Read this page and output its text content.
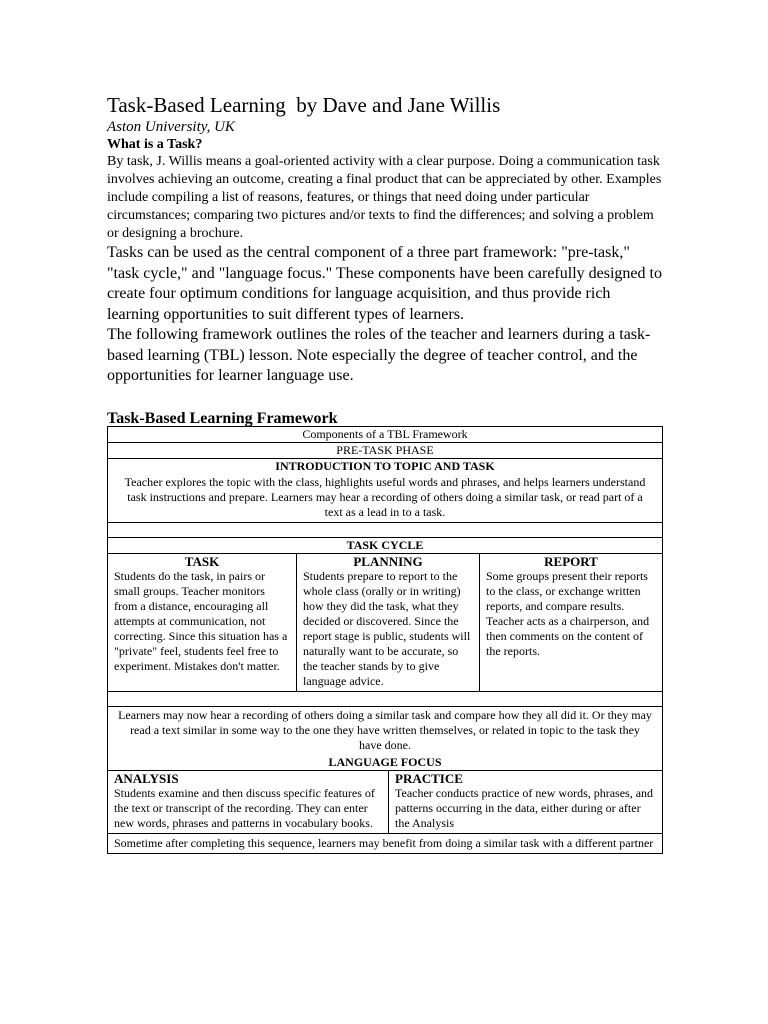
Task-Based Learning  by Dave and Jane Willis

Aston University, UK

What is a Task?

By task, J. Willis means a goal-oriented activity with a clear purpose. Doing a communication task involves achieving an outcome, creating a final product that can be appreciated by other. Examples include compiling a list of reasons, features, or things that need doing under particular circumstances; comparing two pictures and/or texts to find the differences; and solving a problem or designing a brochure.

Tasks can be used as the central component of a three part framework: "pre-task," "task cycle," and "language focus." These components have been carefully designed to create four optimum conditions for language acquisition, and thus provide rich learning opportunities to suit different types of learners.

The following framework outlines the roles of the teacher and learners during a task-based learning (TBL) lesson. Note especially the degree of teacher control, and the opportunities for learner language use.

Task-Based Learning Framework

Components of a TBL Framework
PRE-TASK PHASE
INTRODUCTION TO TOPIC AND TASK
Teacher explores the topic with the class, highlights useful words and phrases, and helps learners understand task instructions and prepare. Learners may hear a recording of others doing a similar task, or read part of a text as a lead in to a task.
TASK CYCLE
TASK
Students do the task, in pairs or small groups. Teacher monitors from a distance, encouraging all attempts at communication, not correcting. Since this situation has a "private" feel, students feel free to experiment. Mistakes don't matter.
PLANNING
Students prepare to report to the whole class (orally or in writing) how they did the task, what they decided or discovered. Since the report stage is public, students will naturally want to be accurate, so the teacher stands by to give language advice.
REPORT
Some groups present their reports to the class, or exchange written reports, and compare results. Teacher acts as a chairperson, and then comments on the content of the reports.
Learners may now hear a recording of others doing a similar task and compare how they all did it. Or they may read a text similar in some way to the one they have written themselves, or related in topic to the task they have done.
LANGUAGE FOCUS
ANALYSIS
Students examine and then discuss specific features of the text or transcript of the recording. They can enter new words, phrases and patterns in vocabulary books.
PRACTICE
Teacher conducts practice of new words, phrases, and patterns occurring in the data, either during or after the Analysis
Sometime after completing this sequence, learners may benefit from doing a similar task with a different partner
